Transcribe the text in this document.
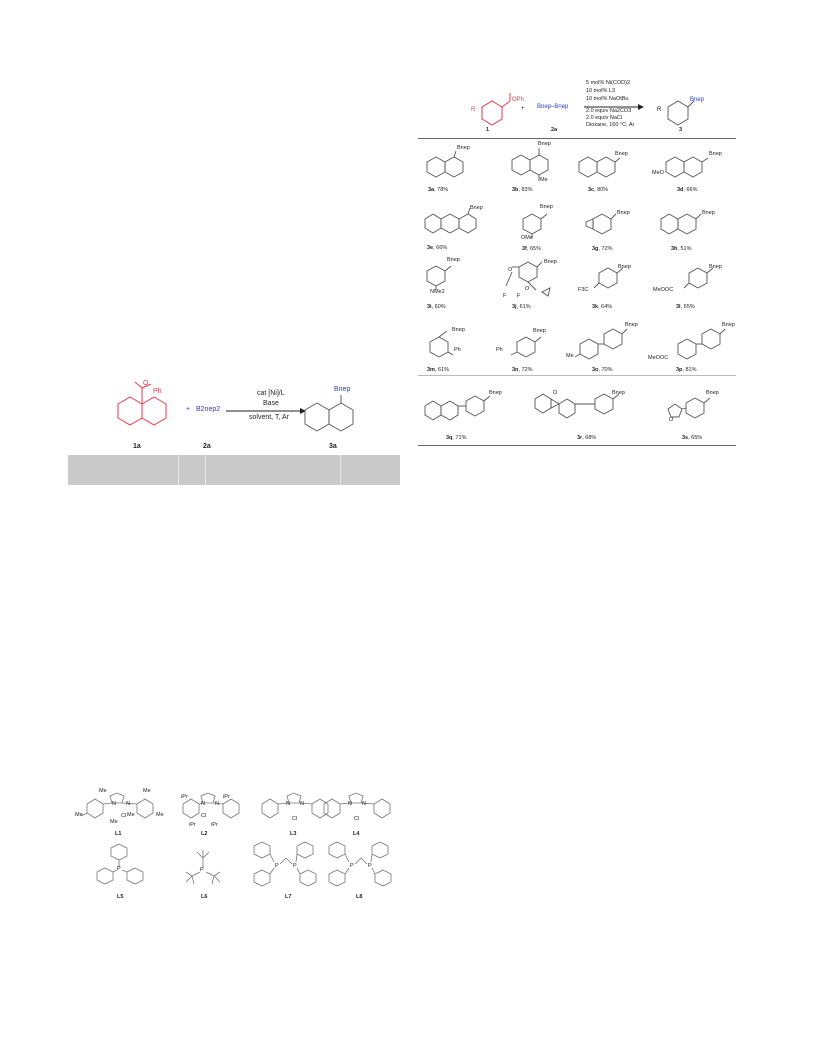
O
Ph
+ B2nep2
cat [Ni]/L
Base
solvent, T, Ar
Bnep
1a	2a	3a
R
OPh
+ Bnep–Bnep
5 mol% Ni(COD)2
10 mol% L3
10 mol% NaOtBu
2.0 equiv Na2CO3
2.0 equiv NaCl
Dioxane, 160 °C, Ar
→ R
Bnep
1	2a	3
Bnep
3a, 78%
Bnep
Me
3b, 83%
Bnep
3c, 80%
Bnep
MeO
3d, 66%
Bnep
3e, 66%
Bnep
OMe
3f, 65%
Bnep
3g, 72%
Bnep
3h, 51%
Bnep
NMe2
3i, 60%
Bnep
O
O
F F
3j, 61%
Bnep
F3C
3k, 64%
Bnep
MeOOC
3l, 65%
Bnep
Ph
3m, 61%
Bnep
Ph
3n, 72%
Bnep
Me
3o, 70%
Bnep
MeOOC
3p, 81%
Bnep
3q, 71%
O	Bnep
3r, 68%
Bnep
O
3s, 65%
Me	Me
Me	Me
Me
Me
N N
Cl
L1
iPr	iPr
iPr	iPr
N N
Cl
L2
N N
Cl
L3
N N
Cl
L4
P
L5
P
L6
P	P
L7
P	P
L8
